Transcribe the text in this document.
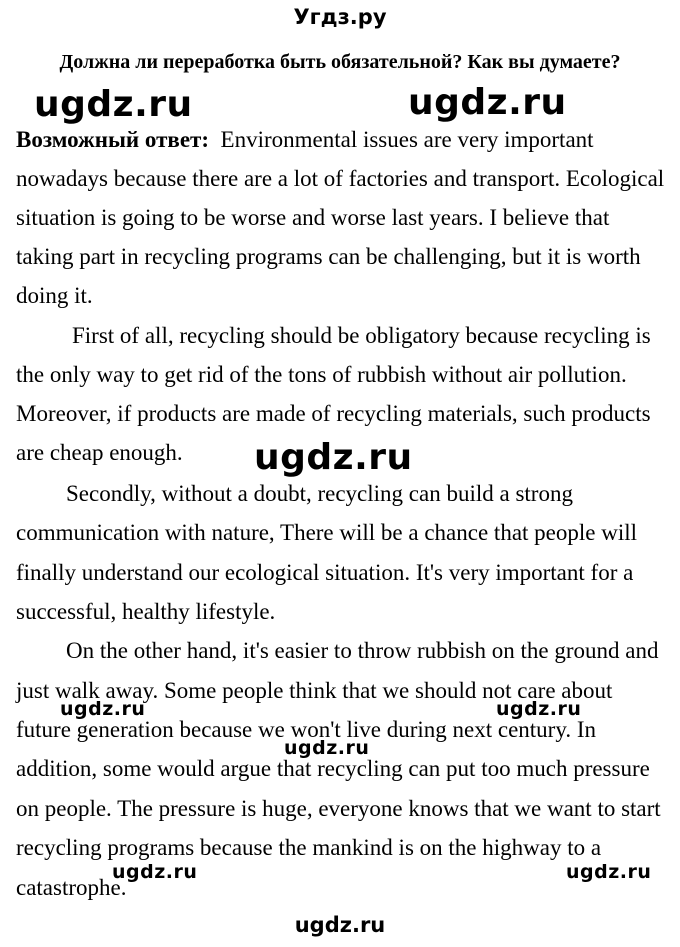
Угдз.ру
Должна ли переработка быть обязательной? Как вы думаете?
Возможный ответ:  Environmental issues are very important
nowadays because there are a lot of factories and transport. Ecological
situation is going to be worse and worse last years. I believe that
taking part in recycling programs can be challenging, but it is worth
doing it.
First of all, recycling should be obligatory because recycling is
the only way to get rid of the tons of rubbish without air pollution.
Moreover, if products are made of recycling materials, such products
are cheap enough.
Secondly, without a doubt, recycling can build a strong
communication with nature, There will be a chance that people will
finally understand our ecological situation. It's very important for a
successful, healthy lifestyle.
On the other hand, it's easier to throw rubbish on the ground and
just walk away. Some people think that we should not care about
future generation because we won't live during next century. In
addition, some would argue that recycling can put too much pressure
on people. The pressure is huge, everyone knows that we want to start
recycling programs because the mankind is on the highway to a
catastrophe.
ugdz.ru	ugdz.ru
ugdz.ru
ugdz.ru	ugdz.ru
ugdz.ru
ugdz.ru	ugdz.ru
ugdz.ru
